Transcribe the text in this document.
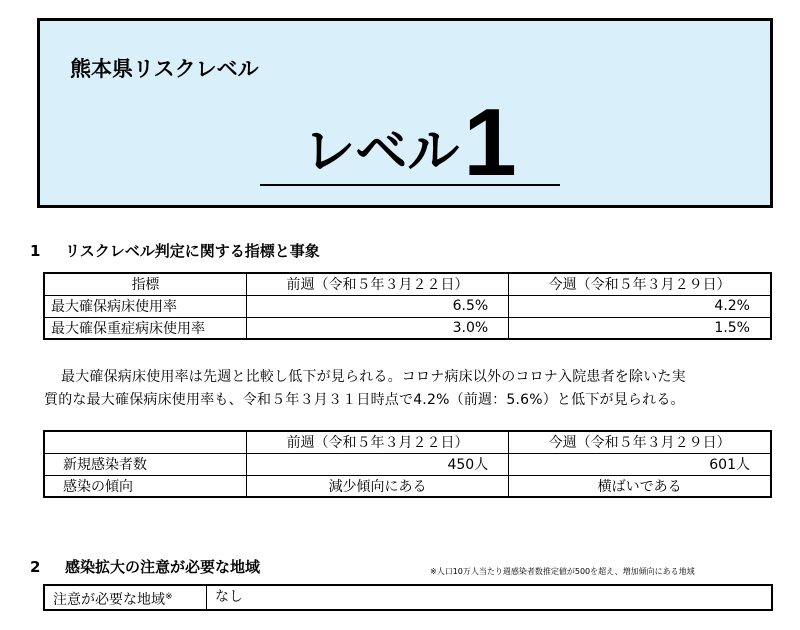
熊本県リスクレベル
レベル 1
1 リスクレベル判定に関する指標と事象
指標	前週（令和５年３月２２日）	今週（令和５年３月２９日）
最大確保病床使用率	6.5%	4.2%
最大確保重症病床使用率	3.0%	1.5%
最大確保病床使用率は先週と比較し低下が見られる。コロナ病床以外のコロナ入院患者を除いた実
質的な最大確保病床使用率も、令和５年３月３１日時点で4.2%（前週：5.6%）と低下が見られる。
	前週（令和５年３月２２日）	今週（令和５年３月２９日）
新規感染者数	450人	601人
感染の傾向	減少傾向にある	横ばいである
2 感染拡大の注意が必要な地域	※人口10万人当たり週感染者数推定値が500を超え、増加傾向にある地域
注意が必要な地域※	なし
